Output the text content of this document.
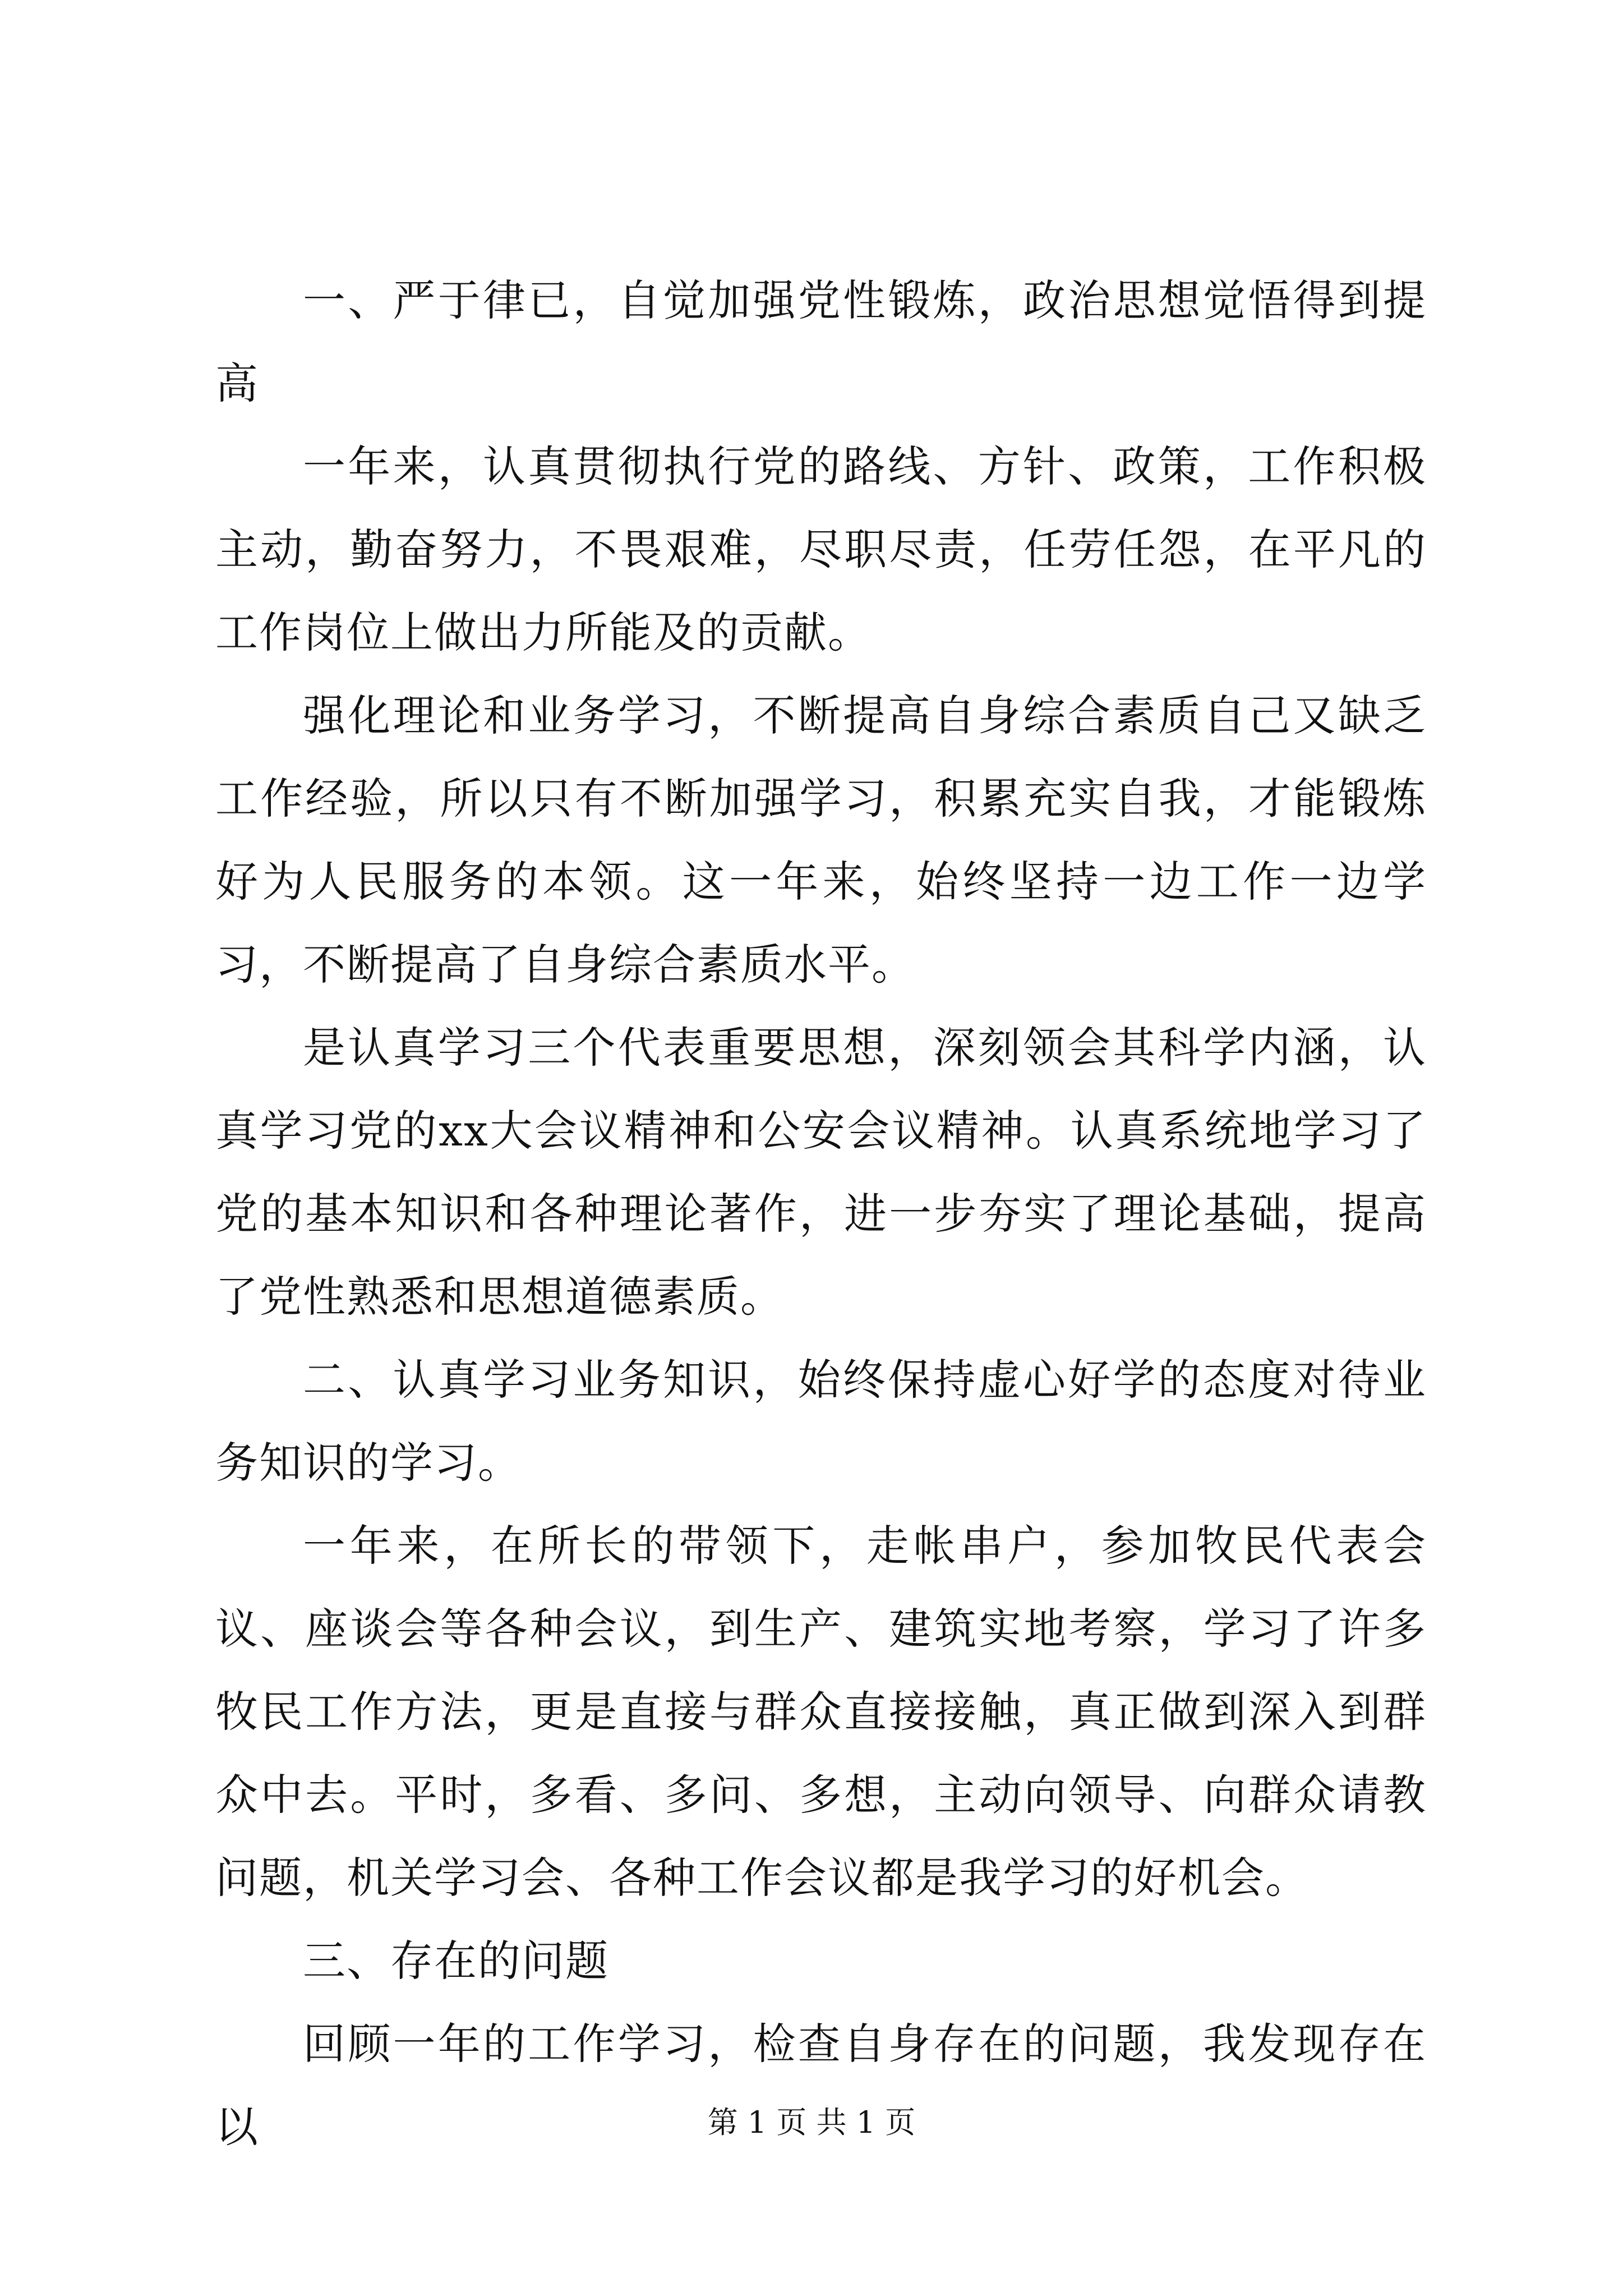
一、严于律已，自觉加强党性锻炼，政治思想觉悟得到提高

一年来，认真贯彻执行党的路线、方针、政策，工作积极主动，勤奋努力，不畏艰难，尽职尽责，任劳任怨，在平凡的工作岗位上做出力所能及的贡献。

强化理论和业务学习，不断提高自身综合素质自己又缺乏工作经验，所以只有不断加强学习，积累充实自我，才能锻炼好为人民服务的本领。这一年来，始终坚持一边工作一边学习，不断提高了自身综合素质水平。

是认真学习三个代表重要思想，深刻领会其科学内涵，认真学习党的xx大会议精神和公安会议精神。认真系统地学习了党的基本知识和各种理论著作，进一步夯实了理论基础，提高了党性熟悉和思想道德素质。

二、认真学习业务知识，始终保持虚心好学的态度对待业务知识的学习。

一年来，在所长的带领下，走帐串户，参加牧民代表会议、座谈会等各种会议，到生产、建筑实地考察，学习了许多牧民工作方法，更是直接与群众直接接触，真正做到深入到群众中去。平时，多看、多问、多想，主动向领导、向群众请教问题，机关学习会、各种工作会议都是我学习的好机会。

三、存在的问题

回顾一年的工作学习，检查自身存在的问题，我发现存在以	第 1 页 共 1 页
